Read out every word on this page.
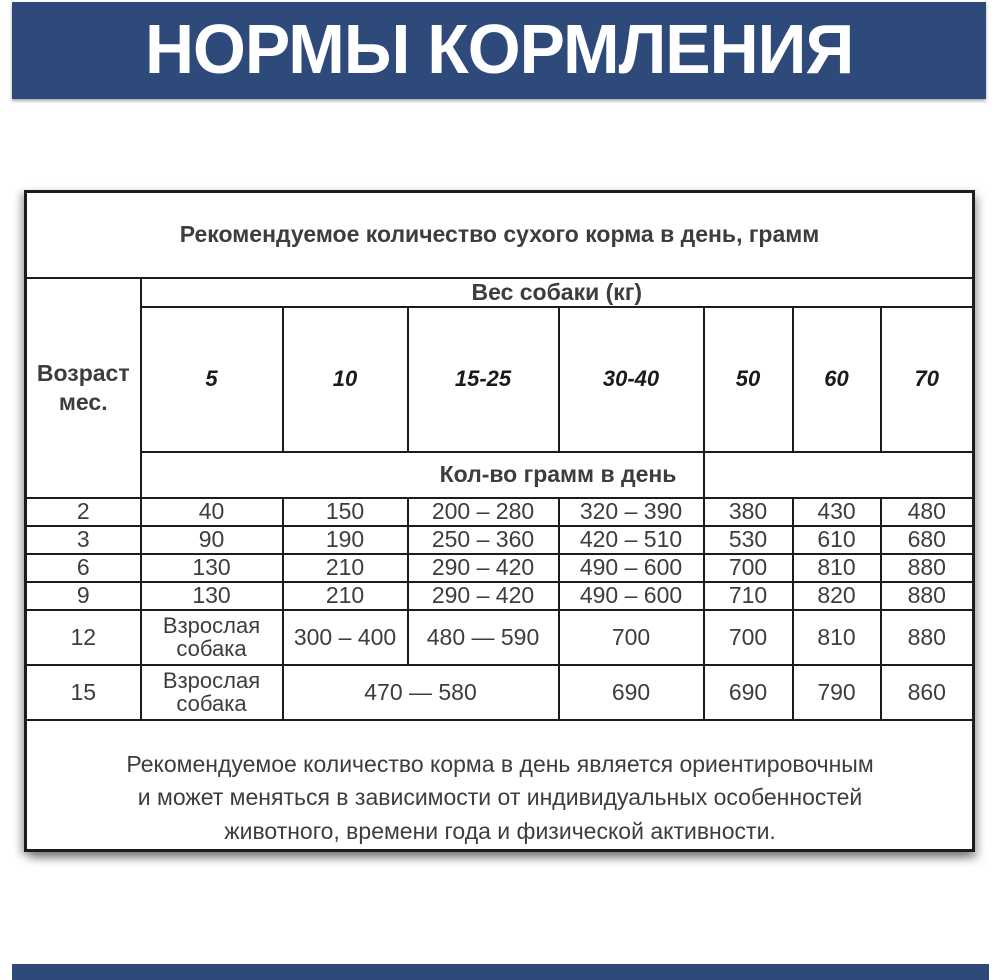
НОРМЫ КОРМЛЕНИЯ
Рекомендуемое количество сухого корма в день, грамм							
Возраст мес.	Вес собаки (кг)						
	5	10	15-25	30-40	50	60	70
	Кол-во грамм в день						
2	40	150	200 – 280	320 – 390	380	430	480
3	90	190	250 – 360	420 – 510	530	610	680
6	130	210	290 – 420	490 – 600	700	810	880
9	130	210	290 – 420	490 – 600	710	820	880
12	Взрослая собака	300 – 400	480 — 590	700	700	810	880
15	Взрослая собака	470 — 580		690	690	790	860

Рекомендуемое количество корма в день является ориентировочным
и может меняться в зависимости от индивидуальных особенностей
животного, времени года и физической активности.							
